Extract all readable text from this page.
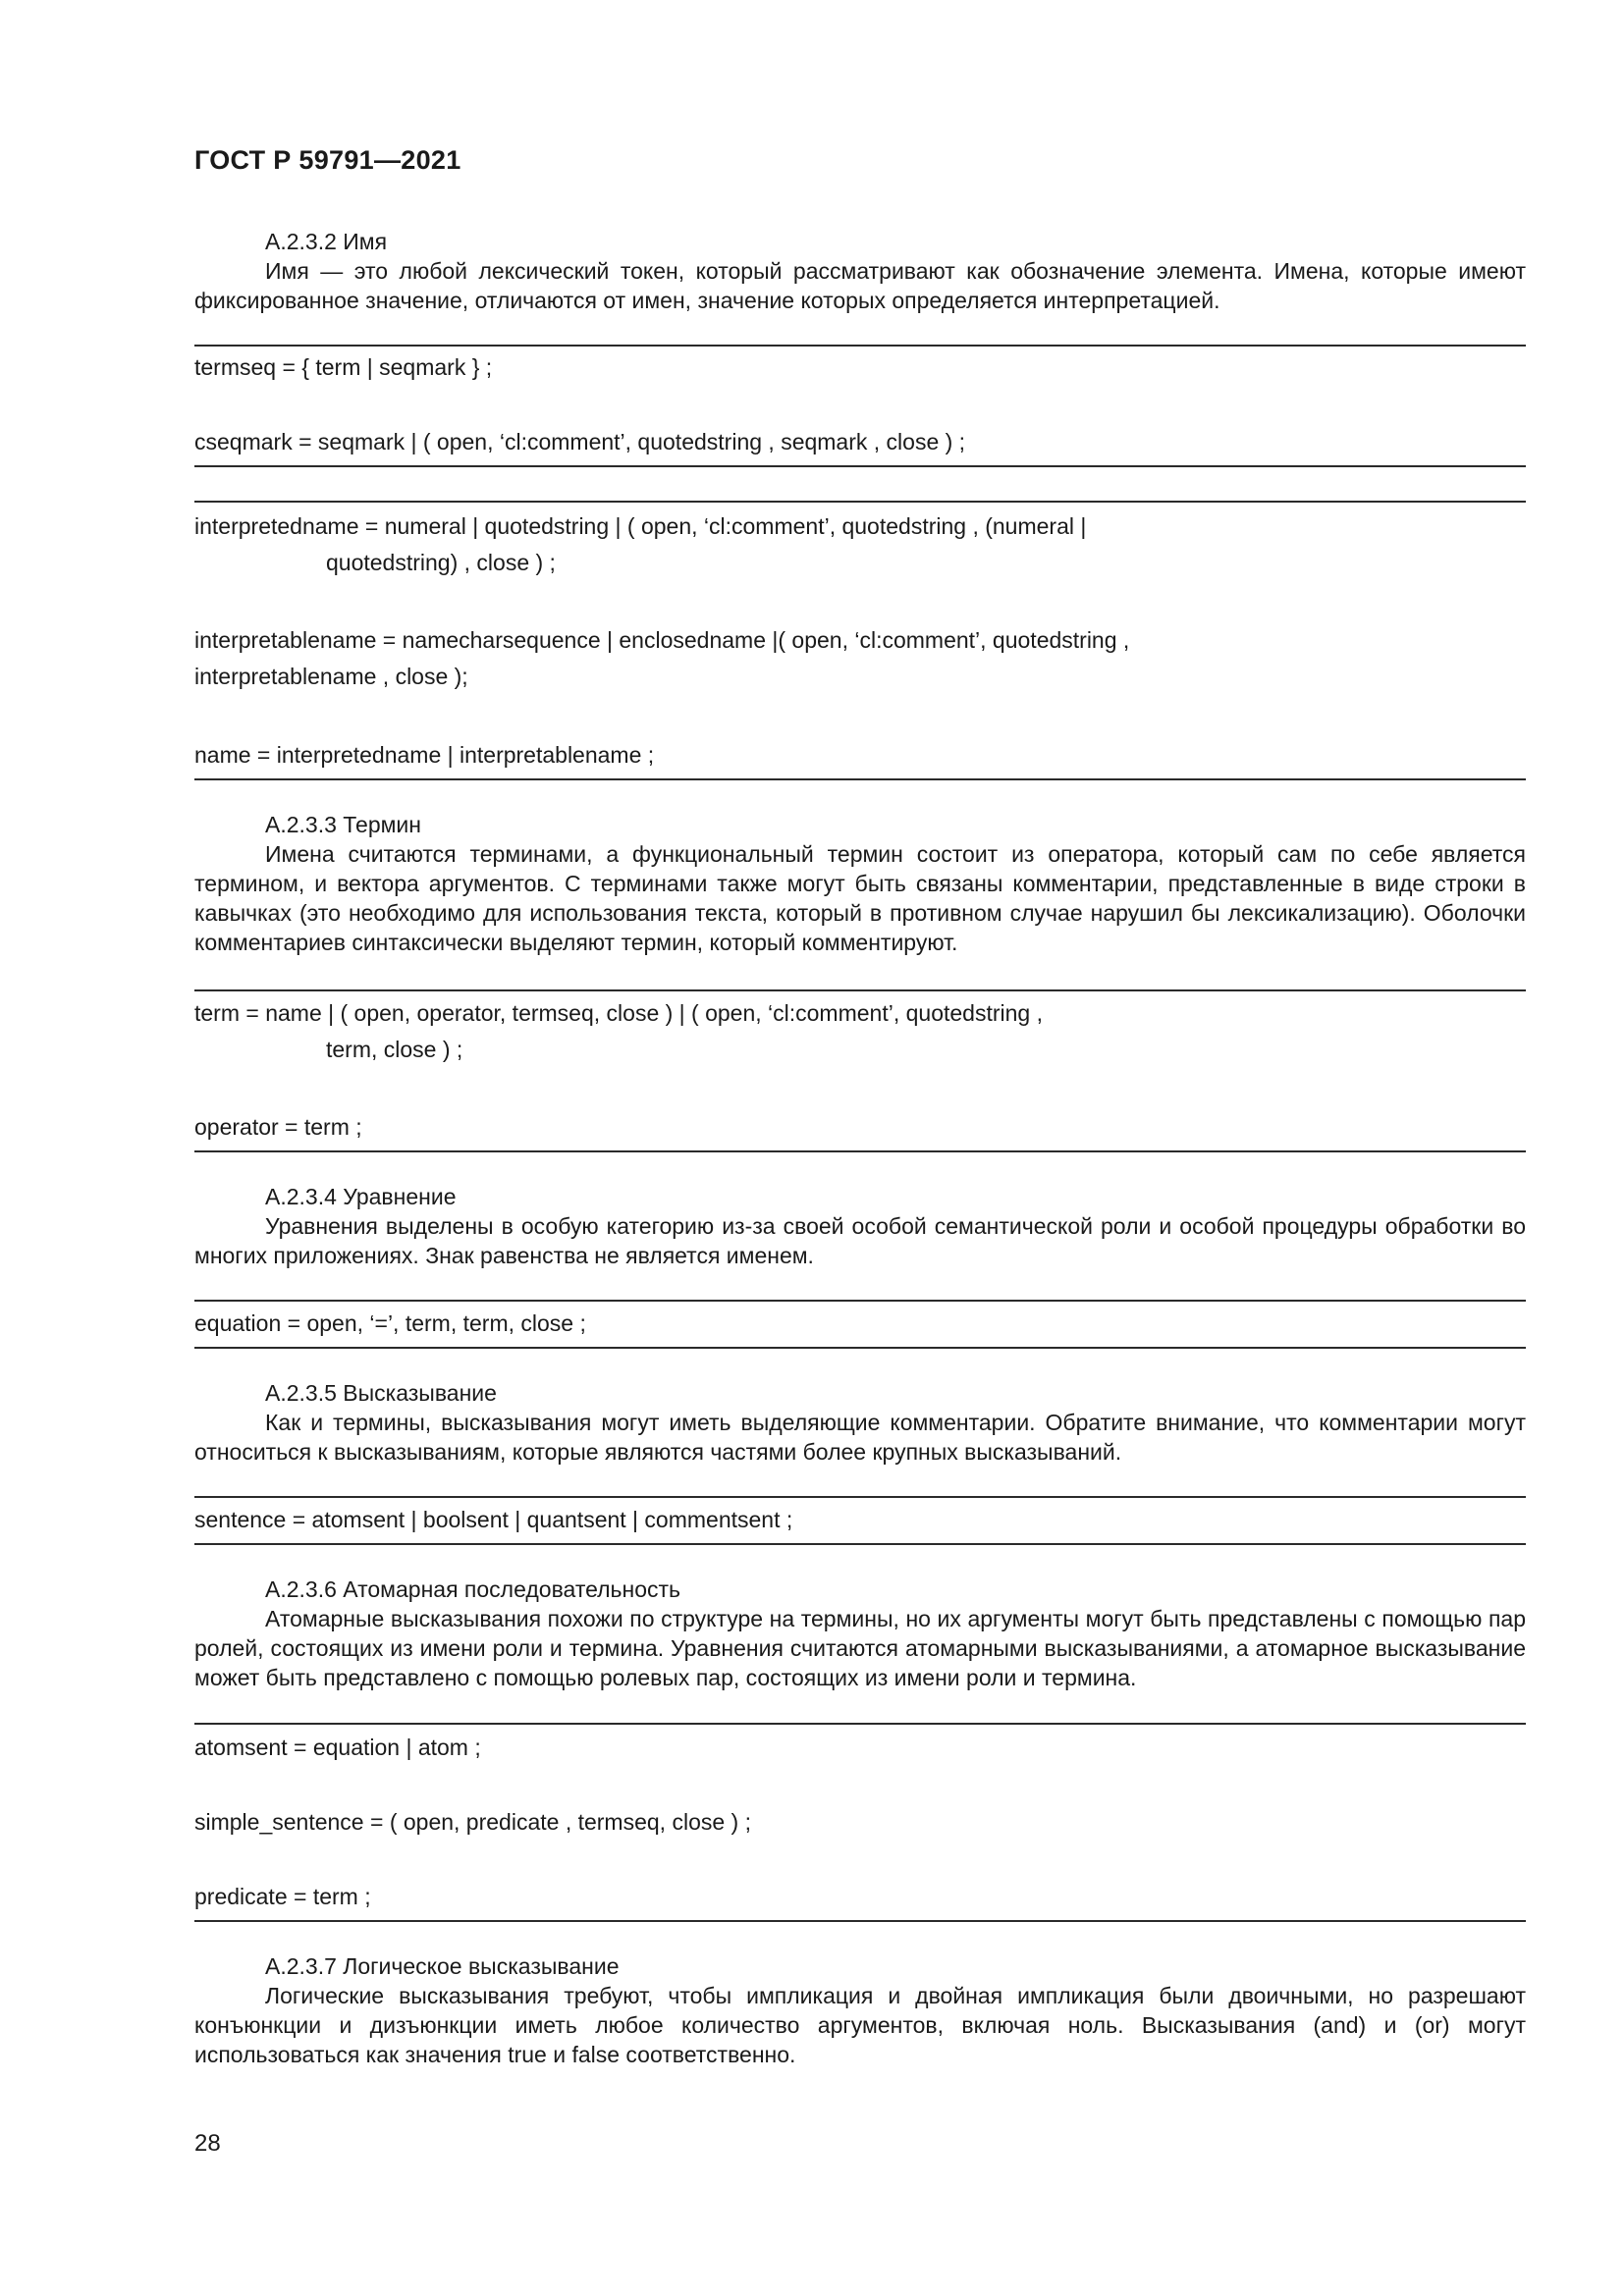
ГОСТ Р 59791—2021
А.2.3.2 Имя
Имя — это любой лексический токен, который рассматривают как обозначение элемента. Имена, которые имеют фиксированное значение, отличаются от имен, значение которых определяется интерпретацией.
termseq = { term | seqmark } ;
cseqmark = seqmark | ( open, ‘cl:comment’, quotedstring , seqmark , close ) ;
interpretedname = numeral | quotedstring | ( open, ‘cl:comment’, quotedstring , (numeral |
quotedstring) , close ) ;
interpretablename = namecharsequence | enclosedname |( open, ‘cl:comment’, quotedstring ,
interpretablename , close );
name = interpretedname | interpretablename ;
А.2.3.3 Термин
Имена считаются терминами, а функциональный термин состоит из оператора, который сам по себе является термином, и вектора аргументов. С терминами также могут быть связаны комментарии, представленные в виде строки в кавычках (это необходимо для использования текста, который в противном случае нарушил бы лексикализацию). Оболочки комментариев синтаксически выделяют термин, который комментируют.
term = name | ( open, operator, termseq, close ) | ( open, ‘cl:comment’, quotedstring ,
term, close ) ;
operator = term ;
А.2.3.4 Уравнение
Уравнения выделены в особую категорию из-за своей особой семантической роли и особой процедуры обработки во многих приложениях. Знак равенства не является именем.
equation = open, ‘=’, term, term, close ;
А.2.3.5 Высказывание
Как и термины, высказывания могут иметь выделяющие комментарии. Обратите внимание, что комментарии могут относиться к высказываниям, которые являются частями более крупных высказываний.
sentence = atomsent | boolsent | quantsent | commentsent ;
А.2.3.6 Атомарная последовательность
Атомарные высказывания похожи по структуре на термины, но их аргументы могут быть представлены с помощью пар ролей, состоящих из имени роли и термина. Уравнения считаются атомарными высказываниями, а атомарное высказывание может быть представлено с помощью ролевых пар, состоящих из имени роли и термина.
atomsent = equation | atom ;
simple_sentence = ( open, predicate , termseq, close ) ;
predicate = term ;
А.2.3.7 Логическое высказывание
Логические высказывания требуют, чтобы импликация и двойная импликация были двоичными, но разрешают конъюнкции и дизъюнкции иметь любое количество аргументов, включая ноль. Высказывания (and) и (or) могут использоваться как значения true и false соответственно.
28
